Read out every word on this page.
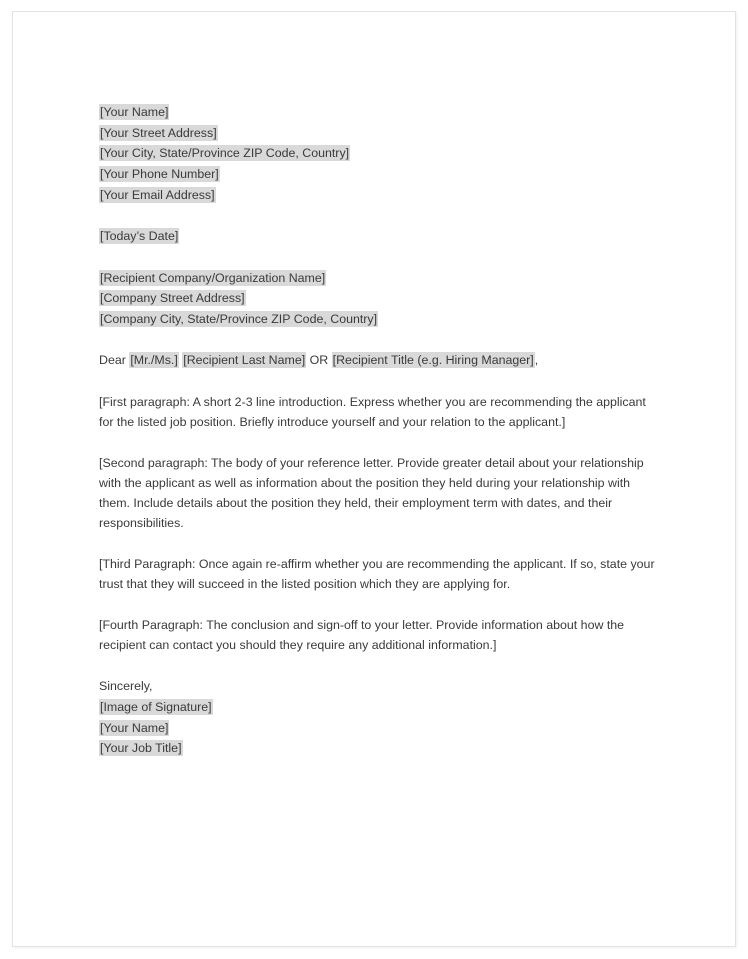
[Your Name]
[Your Street Address]
[Your City, State/Province ZIP Code, Country]
[Your Phone Number]
[Your Email Address]
[Today’s Date]
[Recipient Company/Organization Name]
[Company Street Address]
[Company City, State/Province ZIP Code, Country]
Dear [Mr./Ms.] [Recipient Last Name] OR [Recipient Title (e.g. Hiring Manager],
[First paragraph: A short 2-3 line introduction. Express whether you are recommending the applicant for the listed job position. Briefly introduce yourself and your relation to the applicant.]
[Second paragraph: The body of your reference letter. Provide greater detail about your relationship with the applicant as well as information about the position they held during your relationship with them. Include details about the position they held, their employment term with dates, and their responsibilities.
[Third Paragraph: Once again re-affirm whether you are recommending the applicant. If so, state your trust that they will succeed in the listed position which they are applying for.
[Fourth Paragraph: The conclusion and sign-off to your letter. Provide information about how the recipient can contact you should they require any additional information.]
Sincerely,
[Image of Signature]
[Your Name]
[Your Job Title]
